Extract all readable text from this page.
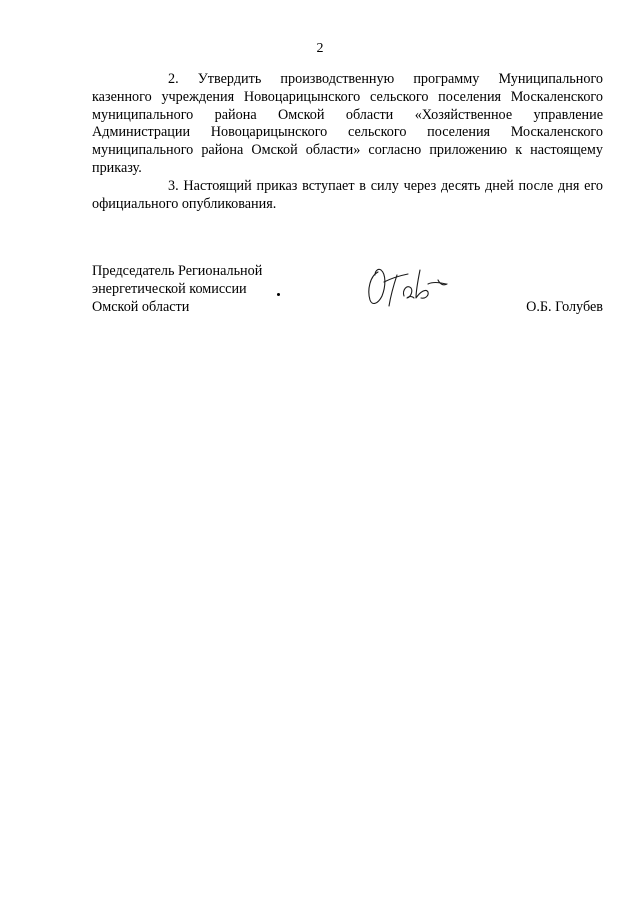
2

2. Утвердить производственную программу Муниципального казенного учреждения Новоцарицынского сельского поселения Москаленского муниципального района Омской области «Хозяйственное управление Администрации Новоцарицынского сельского поселения Москаленского муниципального района Омской области» согласно приложению к настоящему приказу.

3. Настоящий приказ вступает в силу через десять дней после дня его официального опубликования.

Председатель Региональной
энергетической комиссии
Омской области	О.Б. Голубев
